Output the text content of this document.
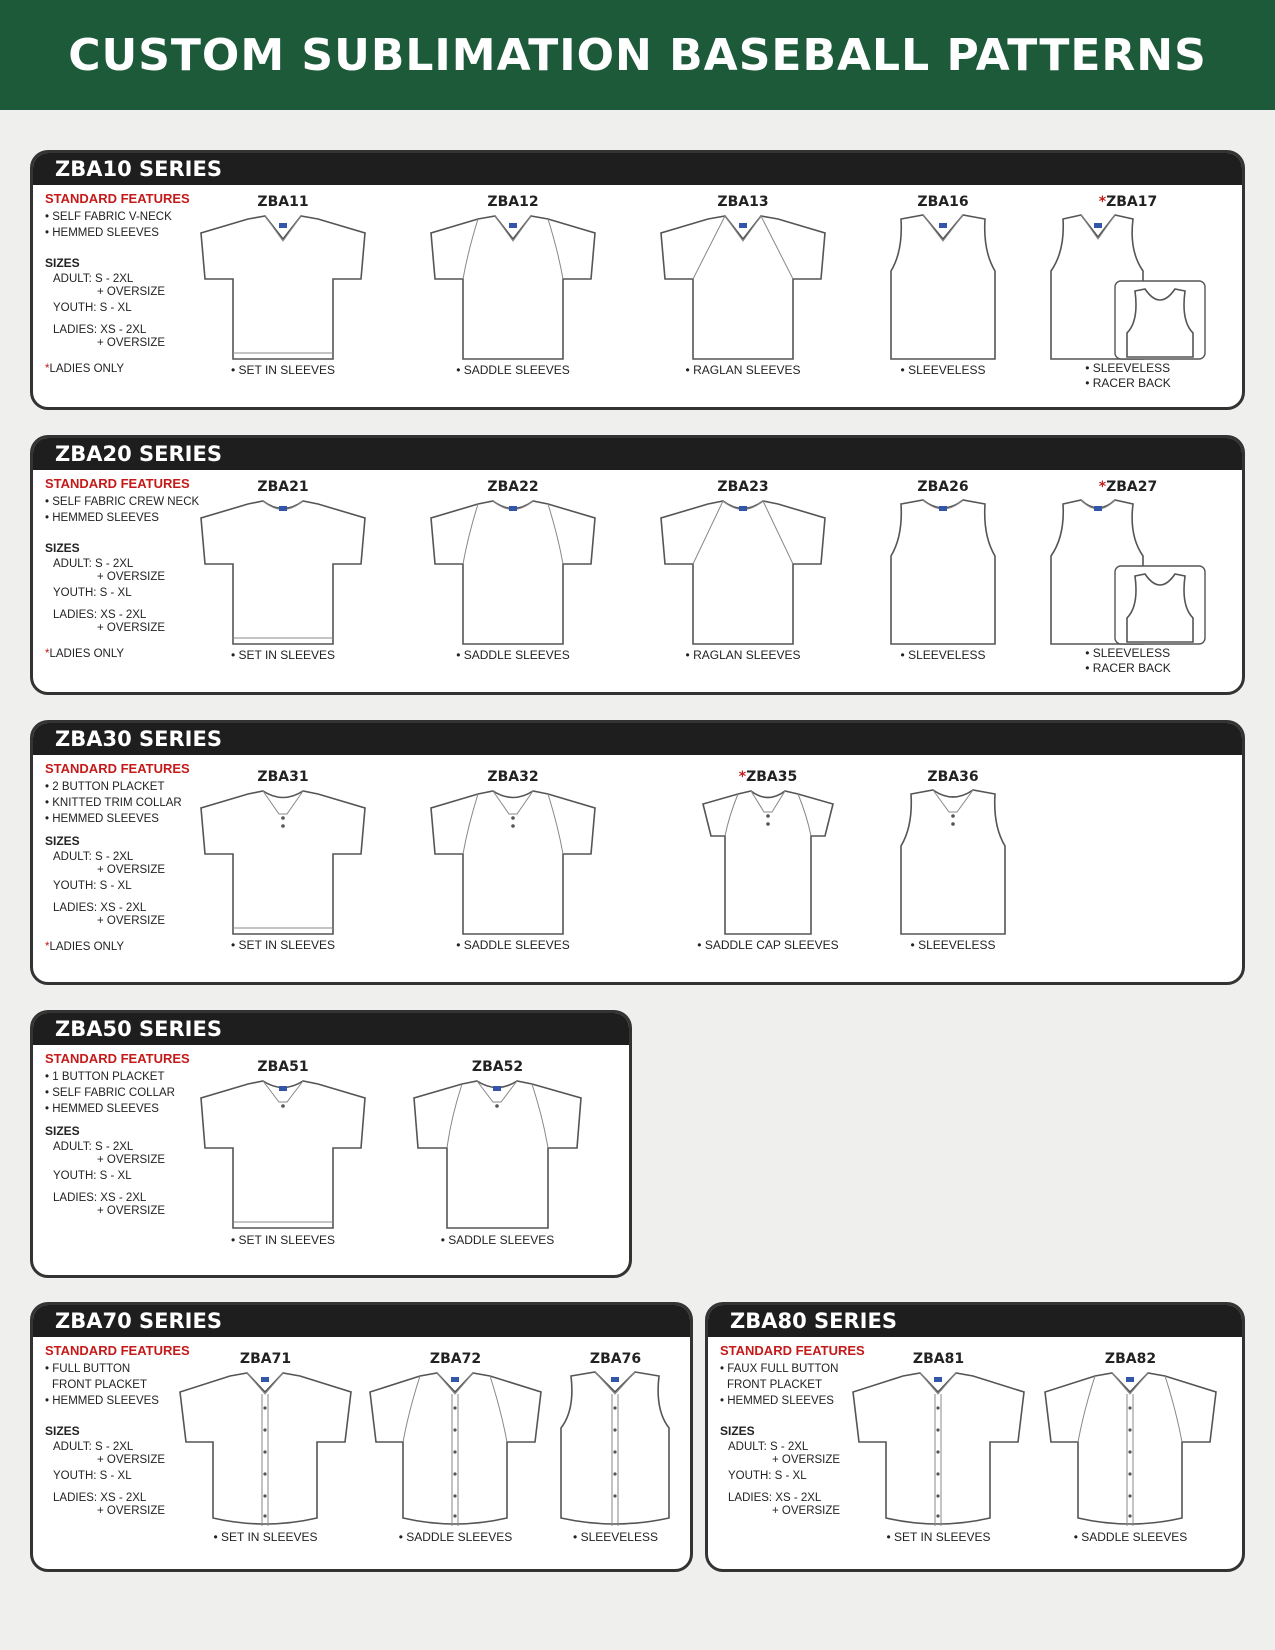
CUSTOM SUBLIMATION BASEBALL PATTERNS
ZBA10 SERIES
STANDARD FEATURES
• SELF FABRIC V-NECK
• HEMMED SLEEVES
SIZES
ADULT: S - 2XL
+ OVERSIZE
YOUTH: S - XL
LADIES: XS - 2XL
+ OVERSIZE
*LADIES ONLY
ZBA11
• SET IN SLEEVES
ZBA12
• SADDLE SLEEVES
ZBA13
• RAGLAN SLEEVES
ZBA16
• SLEEVELESS
*ZBA17
• SLEEVELESS
• RACER BACK
ZBA20 SERIES
STANDARD FEATURES
• SELF FABRIC CREW NECK
• HEMMED SLEEVES
SIZES
ADULT: S - 2XL
+ OVERSIZE
YOUTH: S - XL
LADIES: XS - 2XL
+ OVERSIZE
*LADIES ONLY
ZBA21
• SET IN SLEEVES
ZBA22
• SADDLE SLEEVES
ZBA23
• RAGLAN SLEEVES
ZBA26
• SLEEVELESS
*ZBA27
• SLEEVELESS
• RACER BACK
ZBA30 SERIES
STANDARD FEATURES
• 2 BUTTON PLACKET
• KNITTED TRIM COLLAR
• HEMMED SLEEVES
SIZES
ADULT: S - 2XL
+ OVERSIZE
YOUTH: S - XL
LADIES: XS - 2XL
+ OVERSIZE
*LADIES ONLY
ZBA31
• SET IN SLEEVES
ZBA32
• SADDLE SLEEVES
*ZBA35
• SADDLE CAP SLEEVES
ZBA36
• SLEEVELESS
ZBA50 SERIES
STANDARD FEATURES
• 1 BUTTON PLACKET
• SELF FABRIC COLLAR
• HEMMED SLEEVES
SIZES
ADULT: S - 2XL
+ OVERSIZE
YOUTH: S - XL
LADIES: XS - 2XL
+ OVERSIZE
ZBA51
• SET IN SLEEVES
ZBA52
• SADDLE SLEEVES
ZBA70 SERIES
STANDARD FEATURES
• FULL BUTTON
FRONT PLACKET
• HEMMED SLEEVES
SIZES
ADULT: S - 2XL
+ OVERSIZE
YOUTH: S - XL
LADIES: XS - 2XL
+ OVERSIZE
ZBA71
• SET IN SLEEVES
ZBA72
• SADDLE SLEEVES
ZBA76
• SLEEVELESS
ZBA80 SERIES
STANDARD FEATURES
• FAUX FULL BUTTON
FRONT PLACKET
• HEMMED SLEEVES
SIZES
ADULT: S - 2XL
+ OVERSIZE
YOUTH: S - XL
LADIES: XS - 2XL
+ OVERSIZE
ZBA81
• SET IN SLEEVES
ZBA82
• SADDLE SLEEVES
